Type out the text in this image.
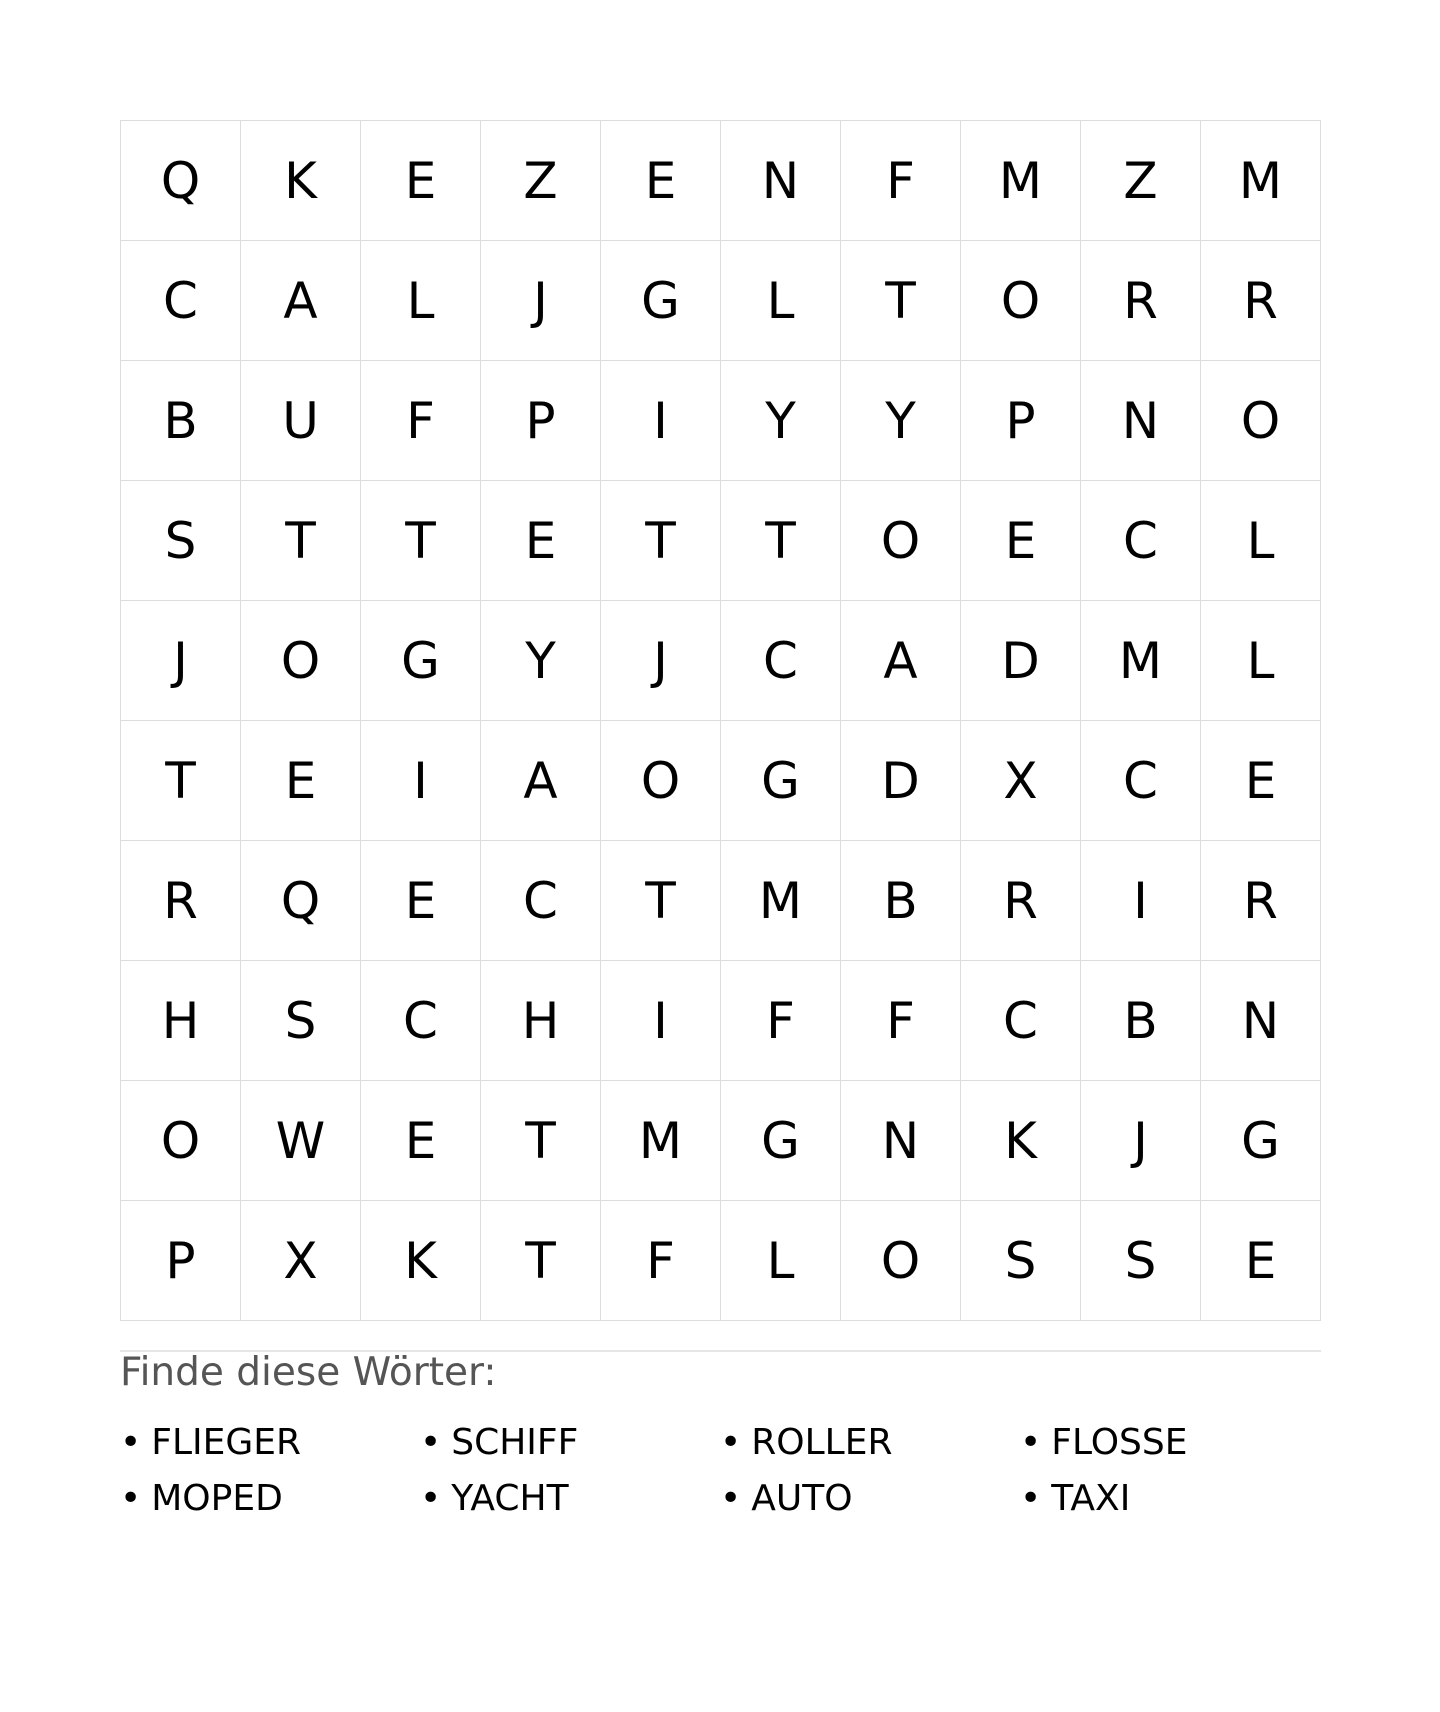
Q	K	E	Z	E	N	F	M	Z	M
C	A	L	J	G	L	T	O	R	R
B	U	F	P	I	Y	Y	P	N	O
S	T	T	E	T	T	O	E	C	L
J	O	G	Y	J	C	A	D	M	L
T	E	I	A	O	G	D	X	C	E
R	Q	E	C	T	M	B	R	I	R
H	S	C	H	I	F	F	C	B	N
O	W	E	T	M	G	N	K	J	G
P	X	K	T	F	L	O	S	S	E
Finde diese Wörter:
• FLIEGER	• SCHIFF	• ROLLER	• FLOSSE
• MOPED	• YACHT	• AUTO	• TAXI
